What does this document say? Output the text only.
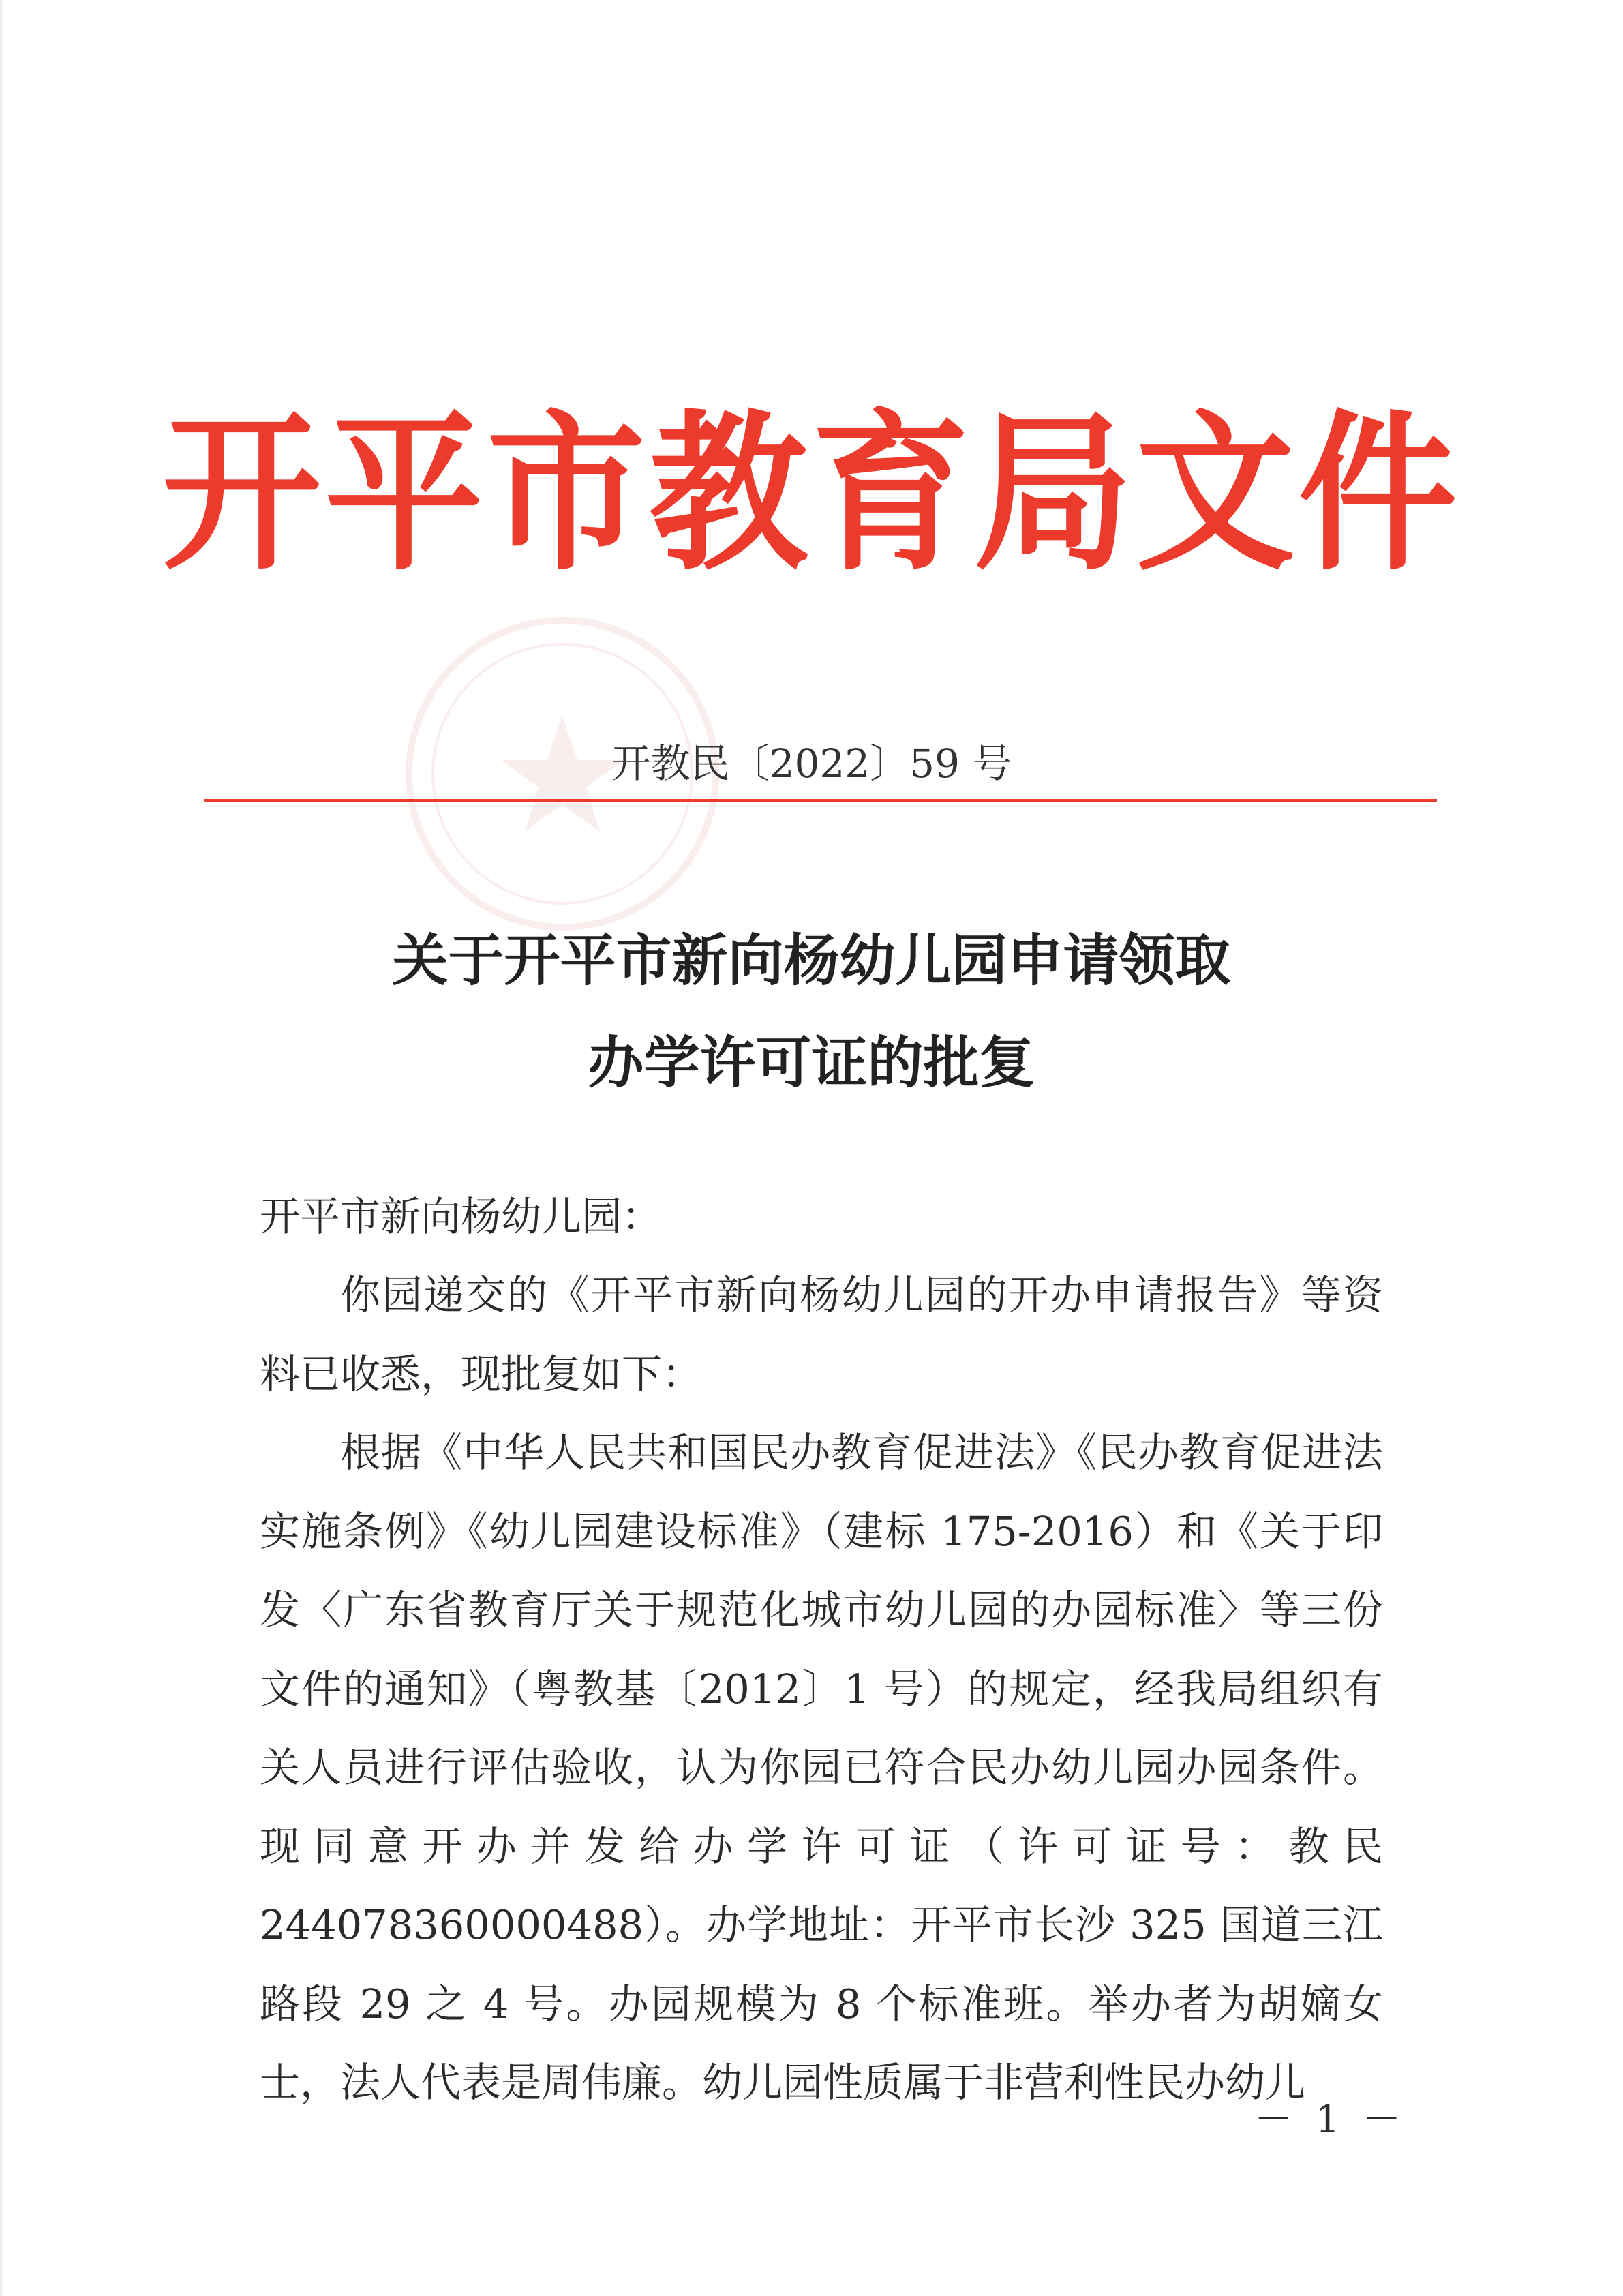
开平市教育局文件
开教民〔2022〕59 号
关于开平市新向杨幼儿园申请领取
办学许可证的批复
开平市新向杨幼儿园：
你园递交的《开平市新向杨幼儿园的开办申请报告》等资料已收悉，现批复如下：
根据《中华人民共和国民办教育促进法》《民办教育促进法实施条例》《幼儿园建设标准》（建标 175-2016）和《关于印发〈广东省教育厅关于规范化城市幼儿园的办园标准〉等三份文件的通知》（粤教基〔2012〕1 号）的规定，经我局组织有关人员进行评估验收，认为你园已符合民办幼儿园办园条件。现同意开办并发给办学许可证（许可证号：教民 244078360000488）。办学地址：开平市长沙 325 国道三江路段 29 之 4 号。办园规模为 8 个标准班。举办者为胡嫡女士，法人代表是周伟廉。幼儿园性质属于非营利性民办幼儿
－ 1 －
